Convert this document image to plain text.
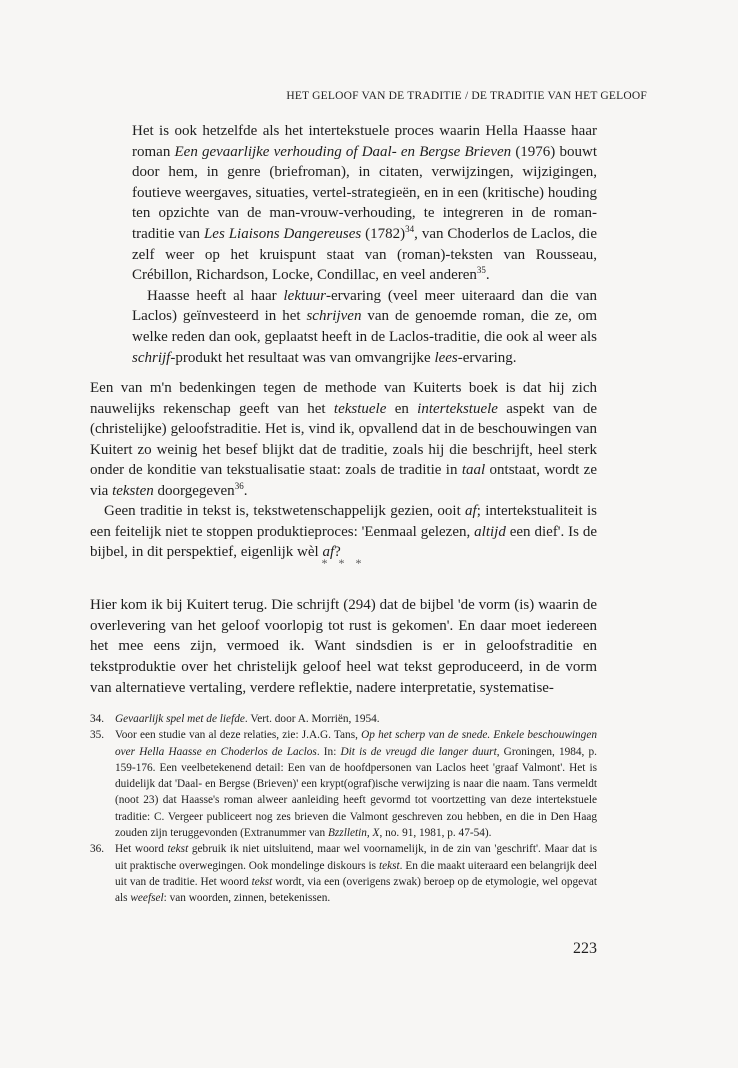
HET GELOOF VAN DE TRADITIE / DE TRADITIE VAN HET GELOOF

Het is ook hetzelfde als het intertekstuele proces waarin Hella Haasse haar roman Een gevaarlijke verhouding of Daal- en Bergse Brieven (1976) bouwt door hem, in genre (briefroman), in citaten, verwijzingen, wijzigingen, foutieve weergaves, situaties, vertel-strategieën, en in een (kritische) houding ten opzichte van de man-vrouw-verhouding, te integreren in de roman-traditie van Les Liaisons Dangereuses $(1782)^{34}$, van Choderlos de Laclos, die zelf weer op het kruispunt staat van (roman)-teksten van Rousseau, Crébillon, Richardson, Locke, Condillac, en veel anderen$^{35}$.

Haasse heeft al haar lektuur-ervaring (veel meer uiteraard dan die van Laclos) geïnvesteerd in het schrijven van de genoemde roman, die ze, om welke reden dan ook, geplaatst heeft in de Laclos-traditie, die ook al weer als schrijf-produkt het resultaat was van omvangrijke lees-ervaring.

Een van m'n bedenkingen tegen de methode van Kuiterts boek is dat hij zich nauwelijks rekenschap geeft van het tekstuele en intertekstuele aspekt van de (christelijke) geloofstraditie. Het is, vind ik, opvallend dat in de beschouwingen van Kuitert zo weinig het besef blijkt dat de traditie, zoals hij die beschrijft, heel sterk onder de konditie van tekstualisatie staat: zoals de traditie in taal ontstaat, wordt ze via teksten doorgegeven$^{36}$.

Geen traditie in tekst is, tekstwetenschappelijk gezien, ooit af; intertekstualiteit is een feitelijk niet te stoppen produktieproces: 'Eenmaal gelezen, altijd een dief'. Is de bijbel, in dit perspektief, eigenlijk wèl af?

* * *

Hier kom ik bij Kuitert terug. Die schrijft (294) dat de bijbel 'de vorm (is) waarin de overlevering van het geloof voorlopig tot rust is gekomen'. En daar moet iedereen het mee eens zijn, vermoed ik. Want sindsdien is er in geloofstraditie en tekstproduktie over het christelijk geloof heel wat tekst geproduceerd, in de vorm van alternatieve vertaling, verdere reflektie, nadere interpretatie, systematise-

34. Gevaarlijk spel met de liefde. Vert. door A. Morriën, 1954.
35. Voor een studie van al deze relaties, zie: J.A.G. Tans, Op het scherp van de snede. Enkele beschouwingen over Hella Haasse en Choderlos de Laclos. In: Dit is de vreugd die langer duurt, Groningen, 1984, p. 159-176. Een veelbetekenend detail: Een van de hoofdpersonen van Laclos heet 'graaf Valmont'. Het is duidelijk dat 'Daal- en Bergse (Brieven)' een krypt(ograf)ische verwijzing is naar die naam. Tans vermeldt (noot 23) dat Haasse's roman alweer aanleiding heeft gevormd tot voortzetting van deze intertekstuele traditie: C. Vergeer publiceert nog zes brieven die Valmont geschreven zou hebben, en die in Den Haag zouden zijn teruggevonden (Extranummer van Bzzlletin, X, no. 91, 1981, p. 47-54).
36. Het woord tekst gebruik ik niet uitsluitend, maar wel voornamelijk, in de zin van 'geschrift'. Maar dat is uit praktische overwegingen. Ook mondelinge diskours is tekst. En die maakt uiteraard een belangrijk deel uit van de traditie. Het woord tekst wordt, via een (overigens zwak) beroep op de etymologie, wel opgevat als weefsel: van woorden, zinnen, betekenissen.
223
